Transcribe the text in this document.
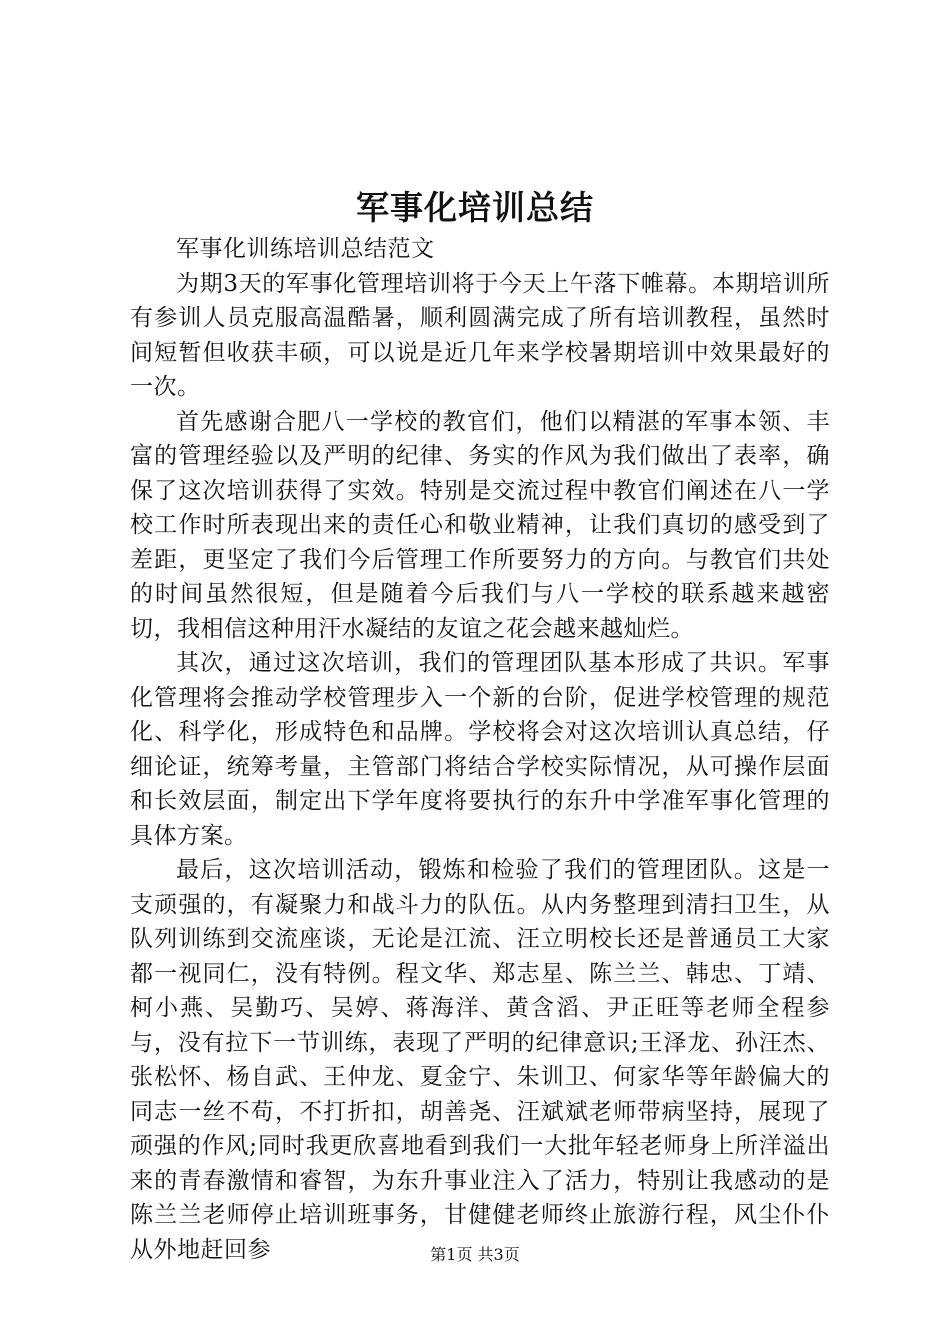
军事化培训总结

军事化训练培训总结范文

为期3天的军事化管理培训将于今天上午落下帷幕。本期培训所有参训人员克服高温酷暑，顺利圆满完成了所有培训教程，虽然时间短暂但收获丰硕，可以说是近几年来学校暑期培训中效果最好的一次。

首先感谢合肥八一学校的教官们，他们以精湛的军事本领、丰富的管理经验以及严明的纪律、务实的作风为我们做出了表率，确保了这次培训获得了实效。特别是交流过程中教官们阐述在八一学校工作时所表现出来的责任心和敬业精神，让我们真切的感受到了差距，更坚定了我们今后管理工作所要努力的方向。与教官们共处的时间虽然很短，但是随着今后我们与八一学校的联系越来越密切，我相信这种用汗水凝结的友谊之花会越来越灿烂。

其次，通过这次培训，我们的管理团队基本形成了共识。军事化管理将会推动学校管理步入一个新的台阶，促进学校管理的规范化、科学化，形成特色和品牌。学校将会对这次培训认真总结，仔细论证，统筹考量，主管部门将结合学校实际情况，从可操作层面和长效层面，制定出下学年度将要执行的东升中学准军事化管理的具体方案。

最后，这次培训活动，锻炼和检验了我们的管理团队。这是一支顽强的，有凝聚力和战斗力的队伍。从内务整理到清扫卫生，从队列训练到交流座谈，无论是江流、汪立明校长还是普通员工大家都一视同仁，没有特例。程文华、郑志星、陈兰兰、韩忠、丁靖、柯小燕、吴勤巧、吴婷、蒋海洋、黄含滔、尹正旺等老师全程参与，没有拉下一节训练，表现了严明的纪律意识;王泽龙、孙汪杰、张松怀、杨自武、王仲龙、夏金宁、朱训卫、何家华等年龄偏大的同志一丝不苟，不打折扣，胡善尧、汪斌斌老师带病坚持，展现了顽强的作风;同时我更欣喜地看到我们一大批年轻老师身上所洋溢出来的青春激情和睿智，为东升事业注入了活力，特别让我感动的是陈兰兰老师停止培训班事务，甘健健老师终止旅游行程，风尘仆仆从外地赶回参	第1页 共3页
